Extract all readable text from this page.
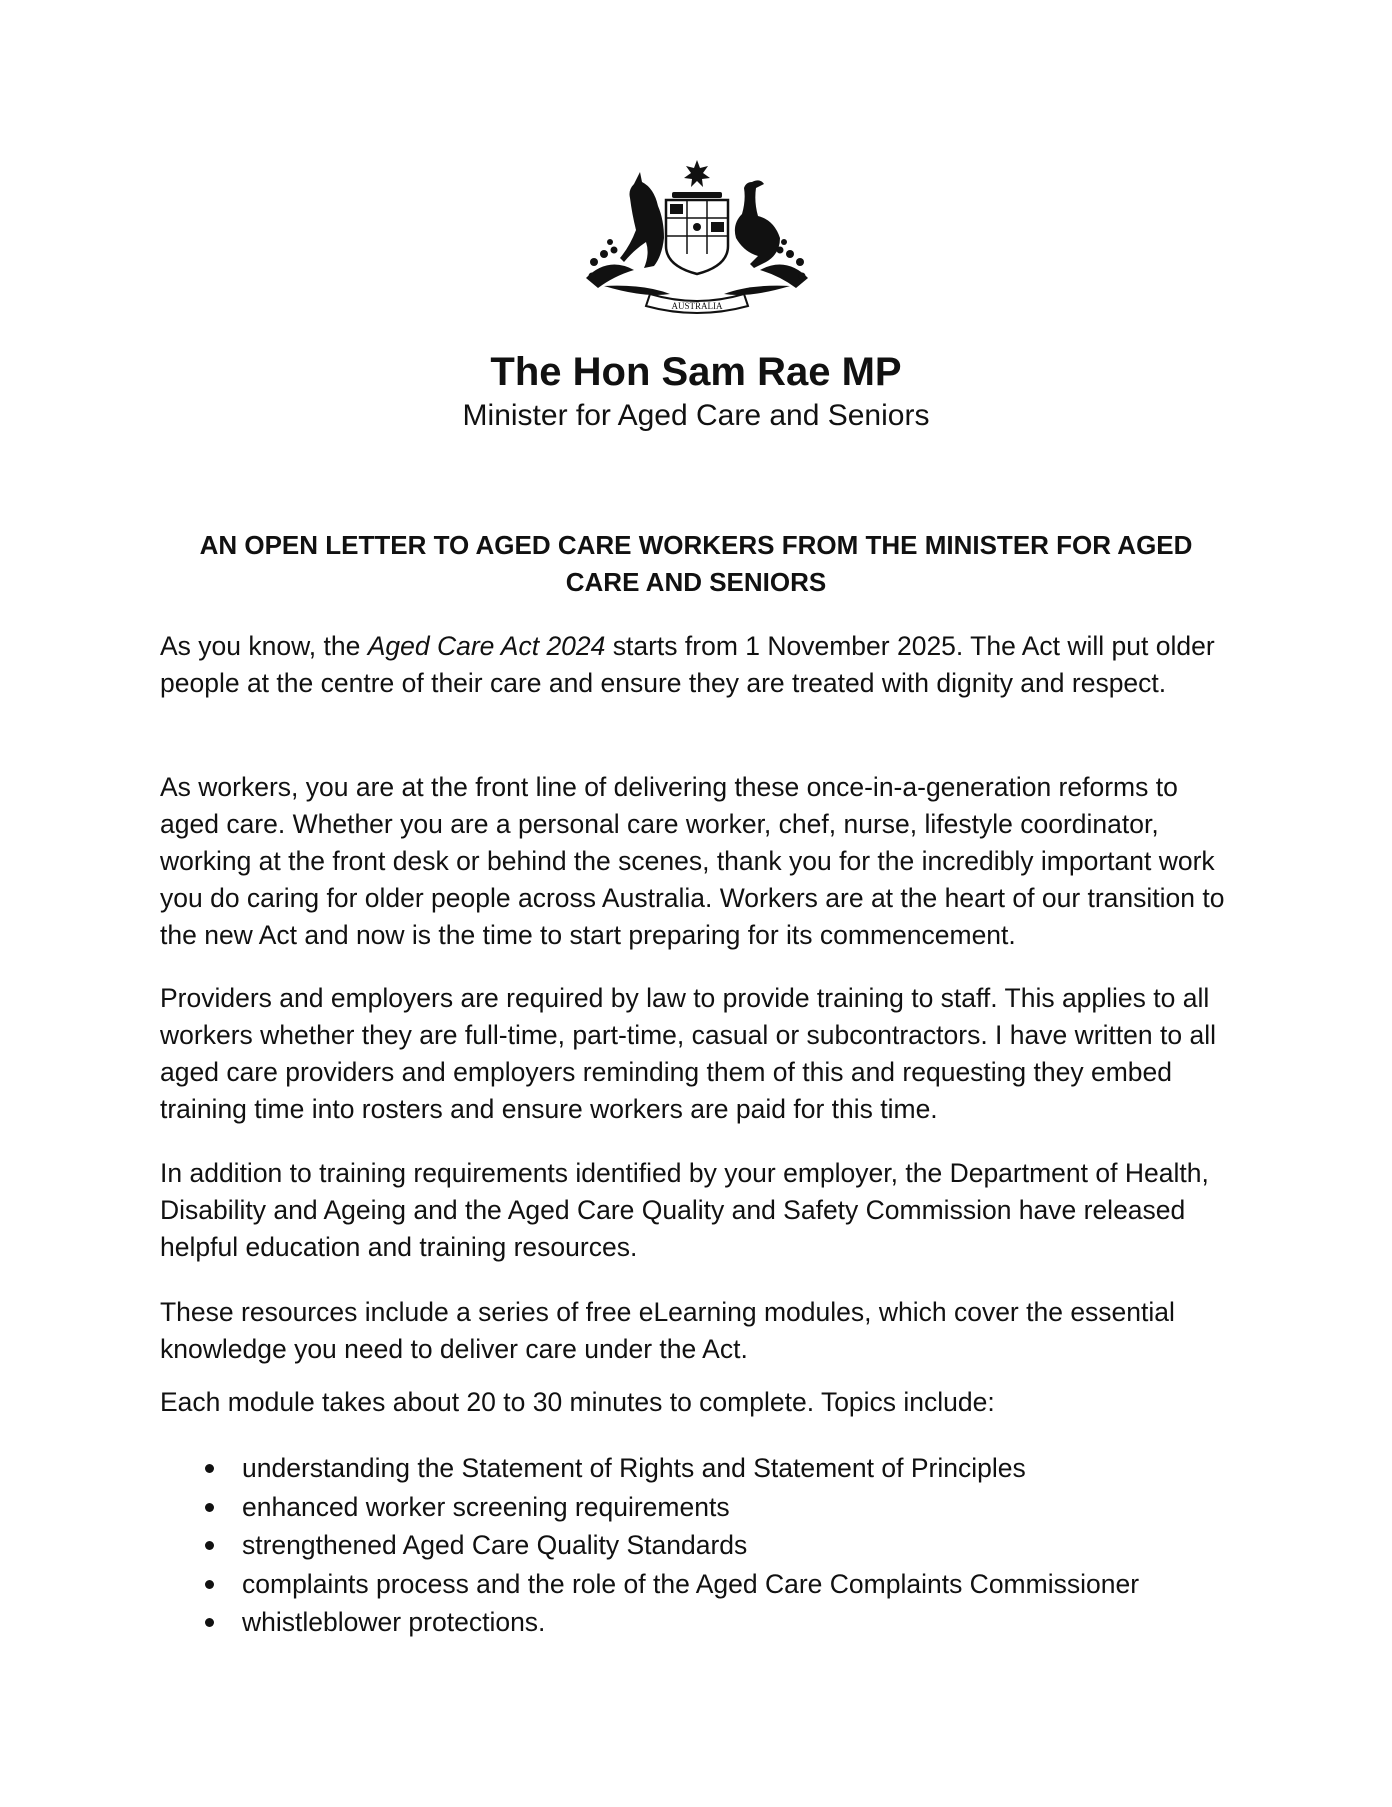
AUSTRALIA
The Hon Sam Rae MP
Minister for Aged Care and Seniors
AN OPEN LETTER TO AGED CARE WORKERS FROM THE MINISTER FOR AGED
CARE AND SENIORS

As you know, the Aged Care Act 2024 starts from 1 November 2025. The Act will put older people at the centre of their care and ensure they are treated with dignity and respect.

As workers, you are at the front line of delivering these once-in-a-generation reforms to aged care. Whether you are a personal care worker, chef, nurse, lifestyle coordinator, working at the front desk or behind the scenes, thank you for the incredibly important work you do caring for older people across Australia. Workers are at the heart of our transition to the new Act and now is the time to start preparing for its commencement.

Providers and employers are required by law to provide training to staff. This applies to all workers whether they are full-time, part-time, casual or subcontractors. I have written to all aged care providers and employers reminding them of this and requesting they embed training time into rosters and ensure workers are paid for this time.

In addition to training requirements identified by your employer, the Department of Health, Disability and Ageing and the Aged Care Quality and Safety Commission have released helpful education and training resources.

These resources include a series of free eLearning modules, which cover the essential knowledge you need to deliver care under the Act.

Each module takes about 20 to 30 minutes to complete. Topics include:

understanding the Statement of Rights and Statement of Principles
enhanced worker screening requirements
strengthened Aged Care Quality Standards
complaints process and the role of the Aged Care Complaints Commissioner
whistleblower protections.
